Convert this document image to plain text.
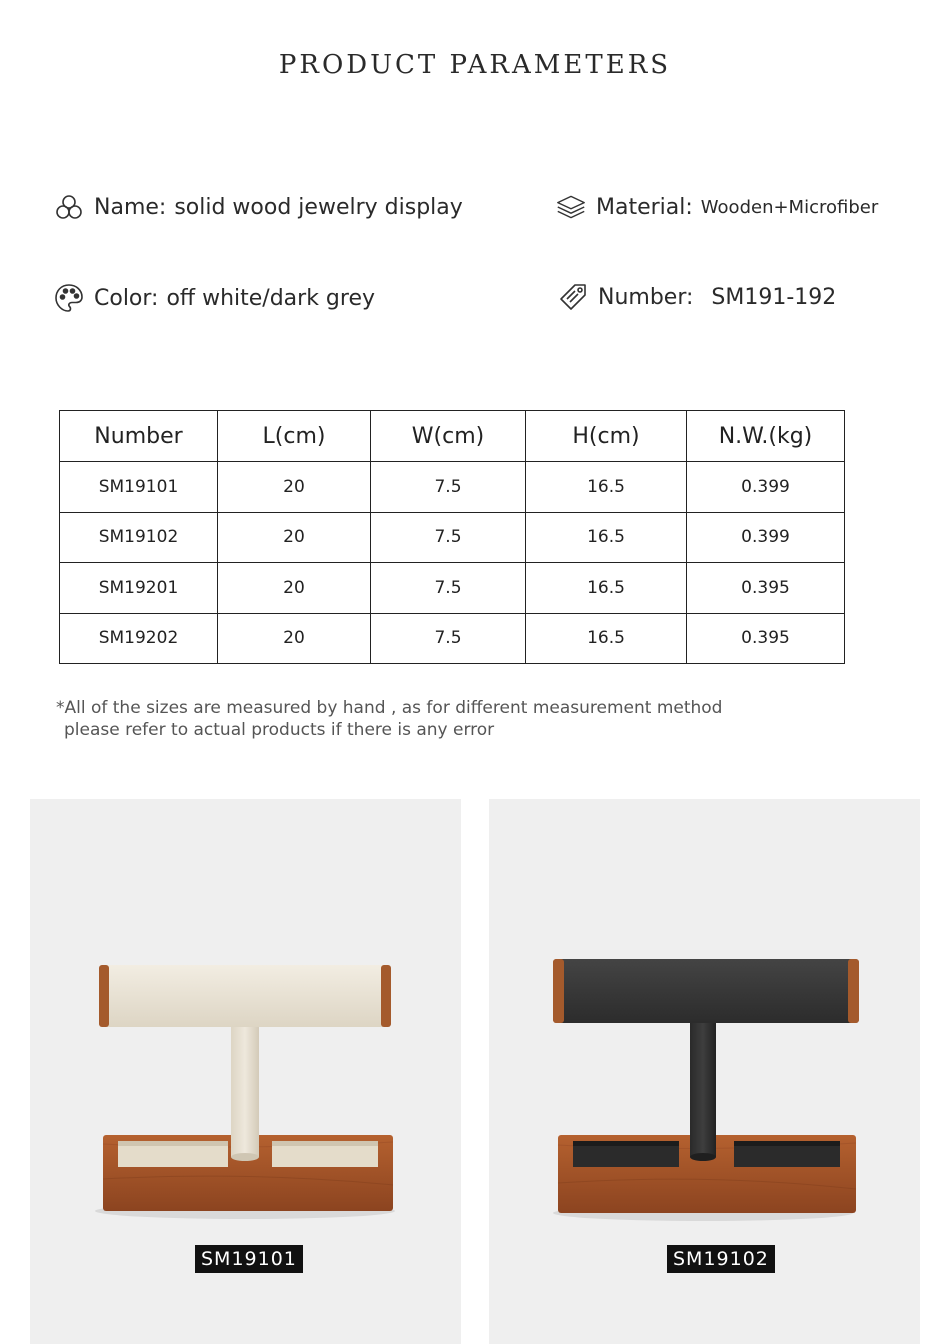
PRODUCT PARAMETERS
Name: solid wood jewelry display	Material: Wooden+Microfiber
Color: off white/dark grey	Number: SM191-192
Number	L(cm)	W(cm)	H(cm)	N.W.(kg)
SM19101	20	7.5	16.5	0.399
SM19102	20	7.5	16.5	0.399
SM19201	20	7.5	16.5	0.395
SM19202	20	7.5	16.5	0.395
*All of the sizes are measured by hand , as for different measurement method
please refer to actual products if there is any error
SM19101	SM19102
